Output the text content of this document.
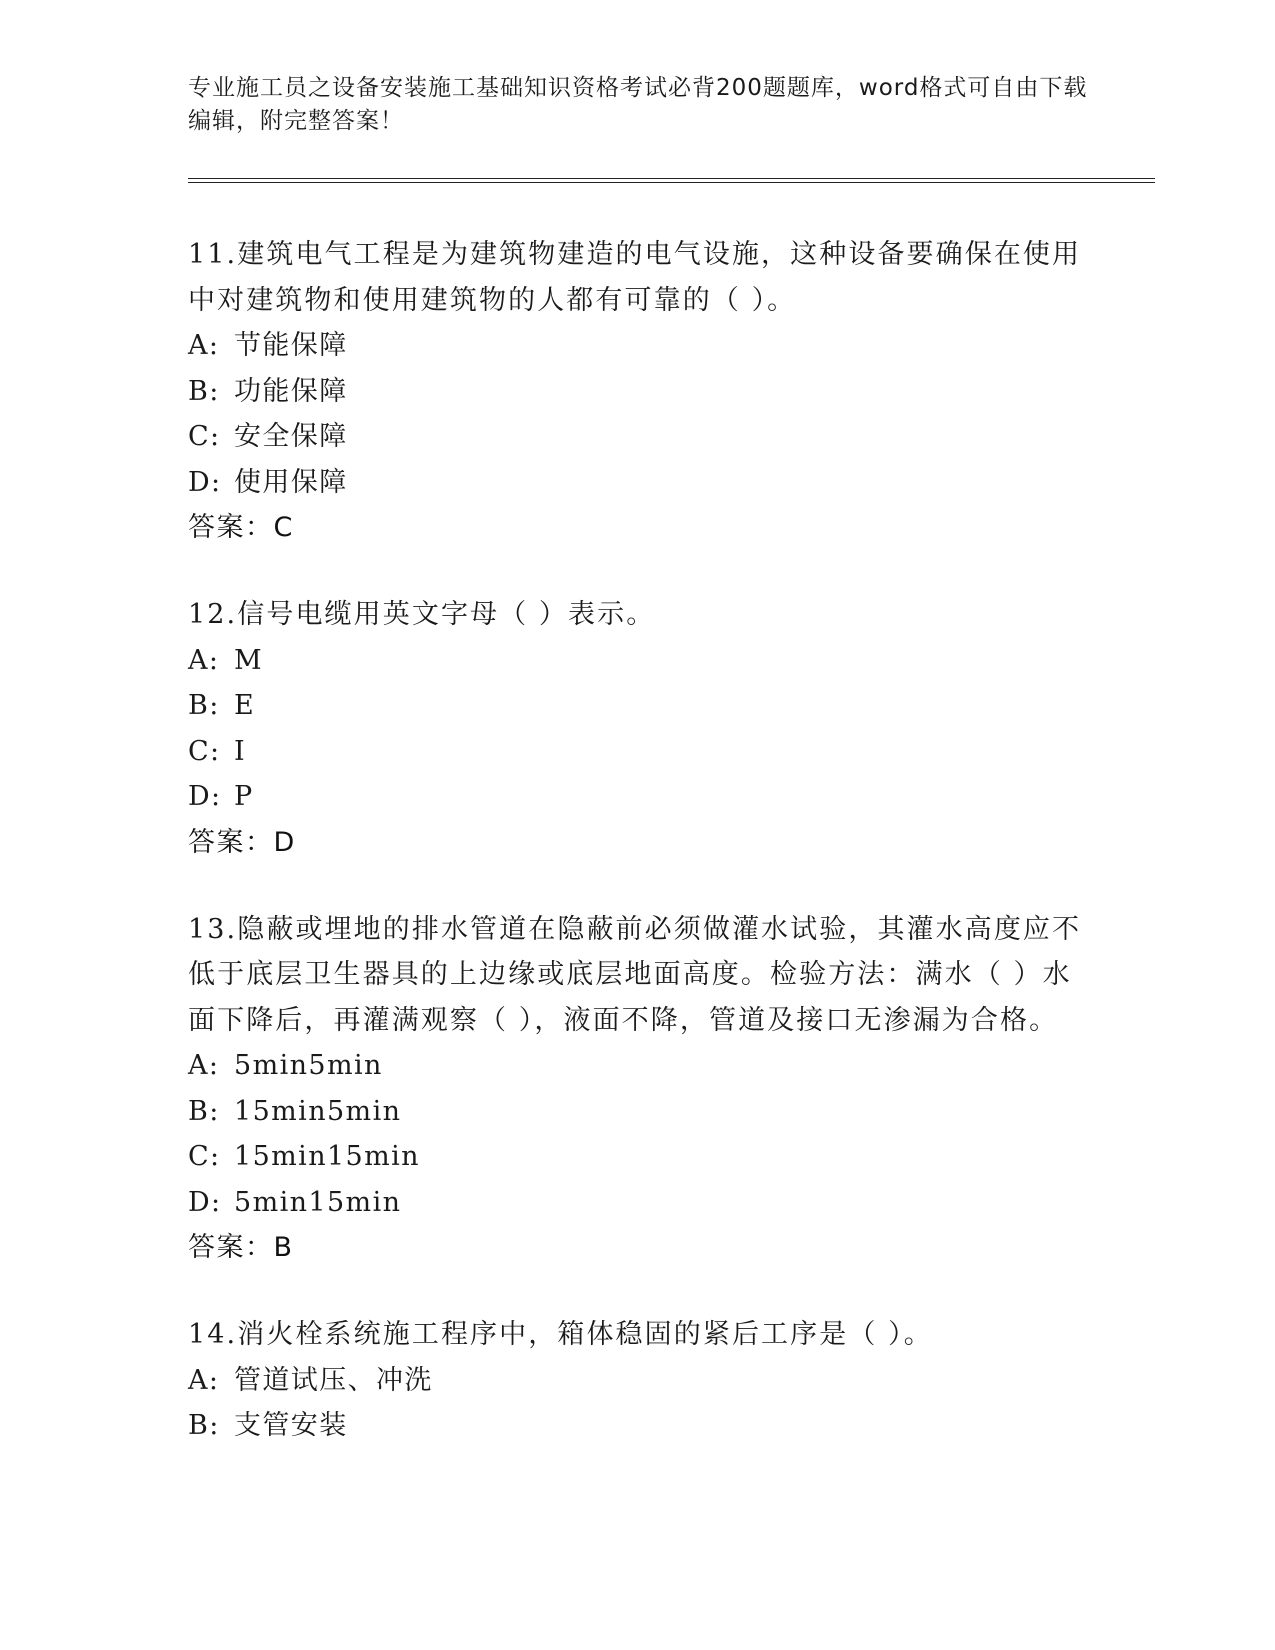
专业施工员之设备安装施工基础知识资格考试必背200题题库，word格式可自由下载编辑，附完整答案！

11.建筑电气工程是为建筑物建造的电气设施，这种设备要确保在使用中对建筑物和使用建筑物的人都有可靠的（ ）。

A: 节能保障

B: 功能保障

C: 安全保障

D: 使用保障

答案：C

12.信号电缆用英文字母（ ）表示。

A: M

B: E

C: I

D: P

答案：D

13.隐蔽或埋地的排水管道在隐蔽前必须做灌水试验，其灌水高度应不低于底层卫生器具的上边缘或底层地面高度。检验方法：满水（ ）水面下降后，再灌满观察（ ），液面不降，管道及接口无渗漏为合格。

A: 5min5min

B: 15min5min

C: 15min15min

D: 5min15min

答案：B

14.消火栓系统施工程序中，箱体稳固的紧后工序是（ ）。

A: 管道试压、冲洗

B: 支管安装
